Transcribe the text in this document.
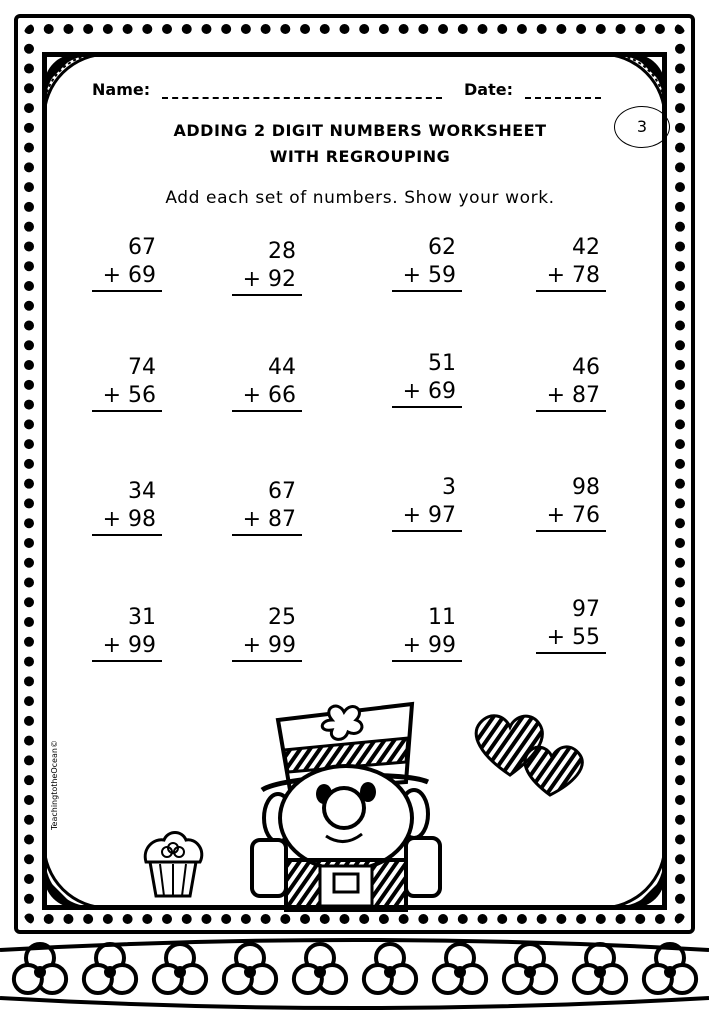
Name:	Date:
ADDING 2 DIGIT NUMBERS WORKSHEET
WITH REGROUPING
3
Add each set of numbers. Show your work.
67
+ 69
28
+ 92
62
+ 59
42
+ 78
74
+ 56
44
+ 66
51
+ 69
46
+ 87
34
+ 98
67
+ 87
3
+ 97
98
+ 76
31
+ 99
25
+ 99
11
+ 99
97
+ 55
TeachingtotheOcean©
